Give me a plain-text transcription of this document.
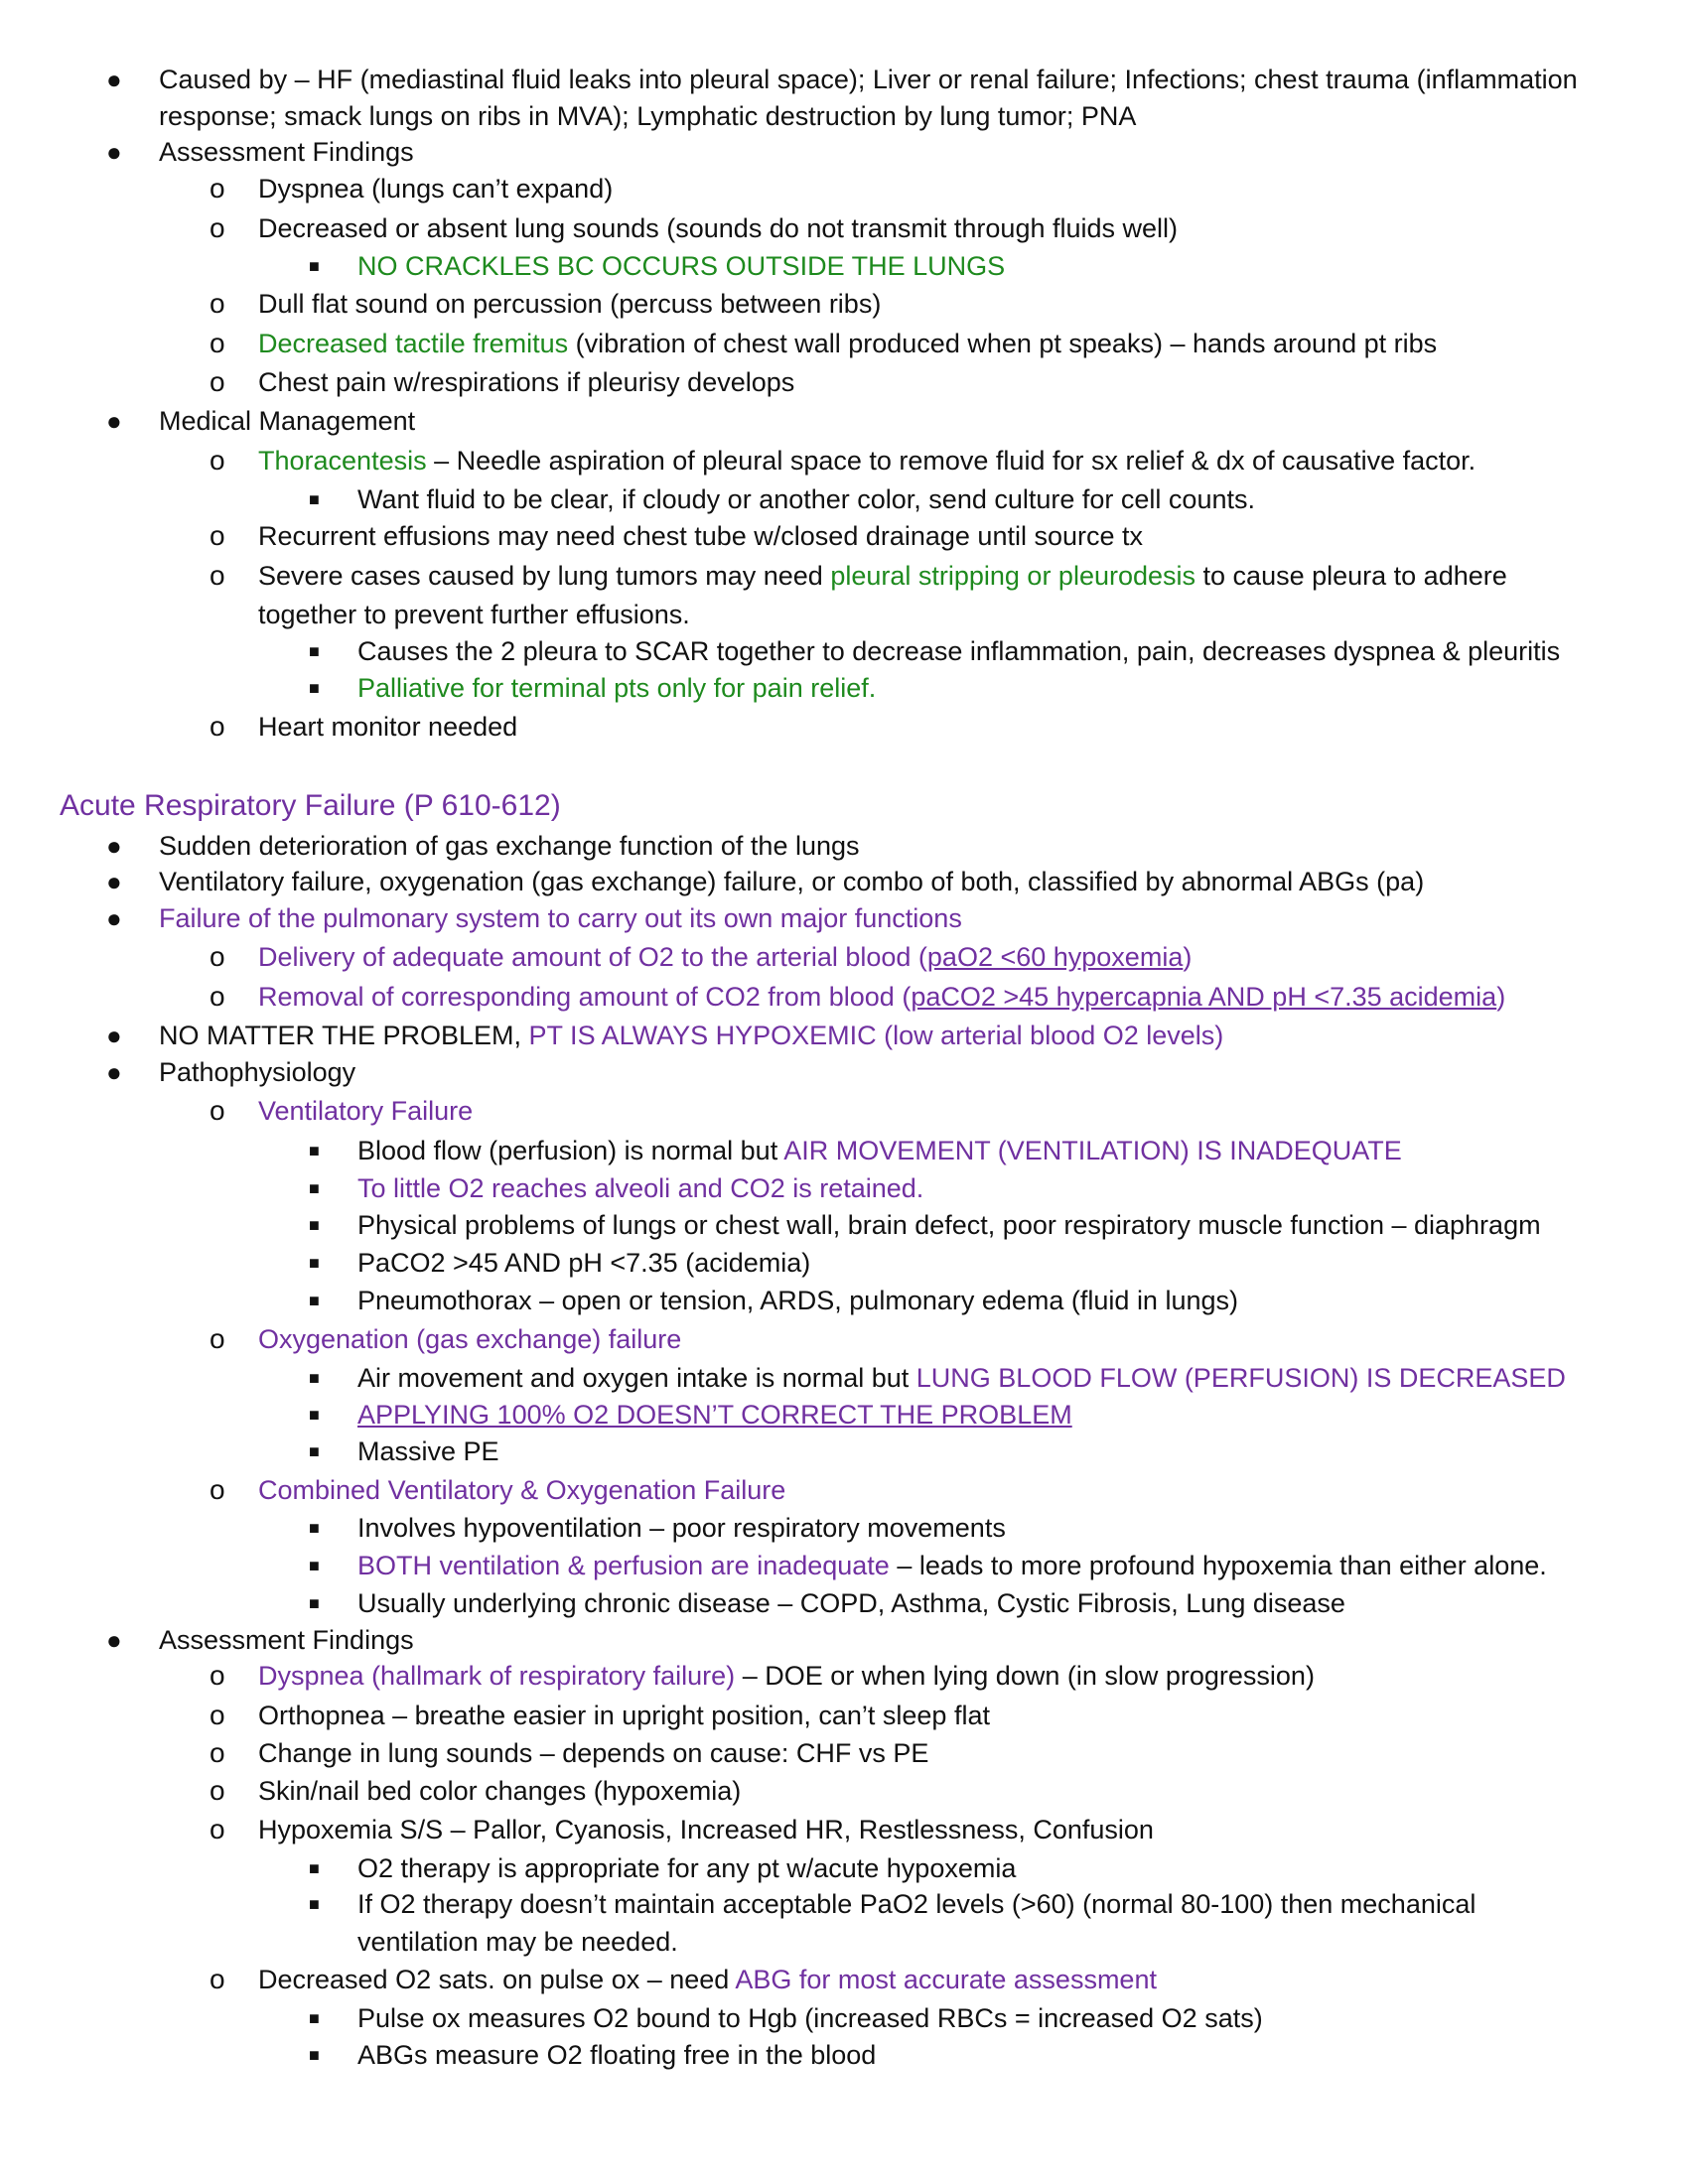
Acute Respiratory Failure (P 610-612)
● Caused by – HF (mediastinal fluid leaks into pleural space); Liver or renal failure; Infections; chest trauma (inflammation
response; smack lungs on ribs in MVA); Lymphatic destruction by lung tumor; PNA
● Assessment Findings
o Dyspnea (lungs can’t expand)
o Decreased or absent lung sounds (sounds do not transmit through fluids well)
■ NO CRACKLES BC OCCURS OUTSIDE THE LUNGS
o Dull flat sound on percussion (percuss between ribs)
o Decreased tactile fremitus (vibration of chest wall produced when pt speaks) – hands around pt ribs
o Chest pain w/respirations if pleurisy develops
● Medical Management
o Thoracentesis – Needle aspiration of pleural space to remove fluid for sx relief & dx of causative factor.
■ Want fluid to be clear, if cloudy or another color, send culture for cell counts.
o Recurrent effusions may need chest tube w/closed drainage until source tx
o Severe cases caused by lung tumors may need pleural stripping or pleurodesis to cause pleura to adhere
together to prevent further effusions.
■ Causes the 2 pleura to SCAR together to decrease inflammation, pain, decreases dyspnea & pleuritis
■ Palliative for terminal pts only for pain relief.
o Heart monitor needed
● Sudden deterioration of gas exchange function of the lungs
● Ventilatory failure, oxygenation (gas exchange) failure, or combo of both, classified by abnormal ABGs (pa)
● Failure of the pulmonary system to carry out its own major functions
o Delivery of adequate amount of O2 to the arterial blood (paO2 <60 hypoxemia)
o Removal of corresponding amount of CO2 from blood (paCO2 >45 hypercapnia AND pH <7.35 acidemia)
● NO MATTER THE PROBLEM, PT IS ALWAYS HYPOXEMIC (low arterial blood O2 levels)
● Pathophysiology
o Ventilatory Failure
■ Blood flow (perfusion) is normal but AIR MOVEMENT (VENTILATION) IS INADEQUATE
■ To little O2 reaches alveoli and CO2 is retained.
■ Physical problems of lungs or chest wall, brain defect, poor respiratory muscle function – diaphragm
■ PaCO2 >45 AND pH <7.35 (acidemia)
■ Pneumothorax – open or tension, ARDS, pulmonary edema (fluid in lungs)
o Oxygenation (gas exchange) failure
■ Air movement and oxygen intake is normal but LUNG BLOOD FLOW (PERFUSION) IS DECREASED
■ APPLYING 100% O2 DOESN’T CORRECT THE PROBLEM
■ Massive PE
o Combined Ventilatory & Oxygenation Failure
■ Involves hypoventilation – poor respiratory movements
■ BOTH ventilation & perfusion are inadequate – leads to more profound hypoxemia than either alone.
■ Usually underlying chronic disease – COPD, Asthma, Cystic Fibrosis, Lung disease
● Assessment Findings
o Dyspnea (hallmark of respiratory failure) – DOE or when lying down (in slow progression)
o Orthopnea – breathe easier in upright position, can’t sleep flat
o Change in lung sounds – depends on cause: CHF vs PE
o Skin/nail bed color changes (hypoxemia)
o Hypoxemia S/S – Pallor, Cyanosis, Increased HR, Restlessness, Confusion
■ O2 therapy is appropriate for any pt w/acute hypoxemia
■ If O2 therapy doesn’t maintain acceptable PaO2 levels (>60) (normal 80-100) then mechanical
ventilation may be needed.
o Decreased O2 sats. on pulse ox – need ABG for most accurate assessment
■ Pulse ox measures O2 bound to Hgb (increased RBCs = increased O2 sats)
■ ABGs measure O2 floating free in the blood
